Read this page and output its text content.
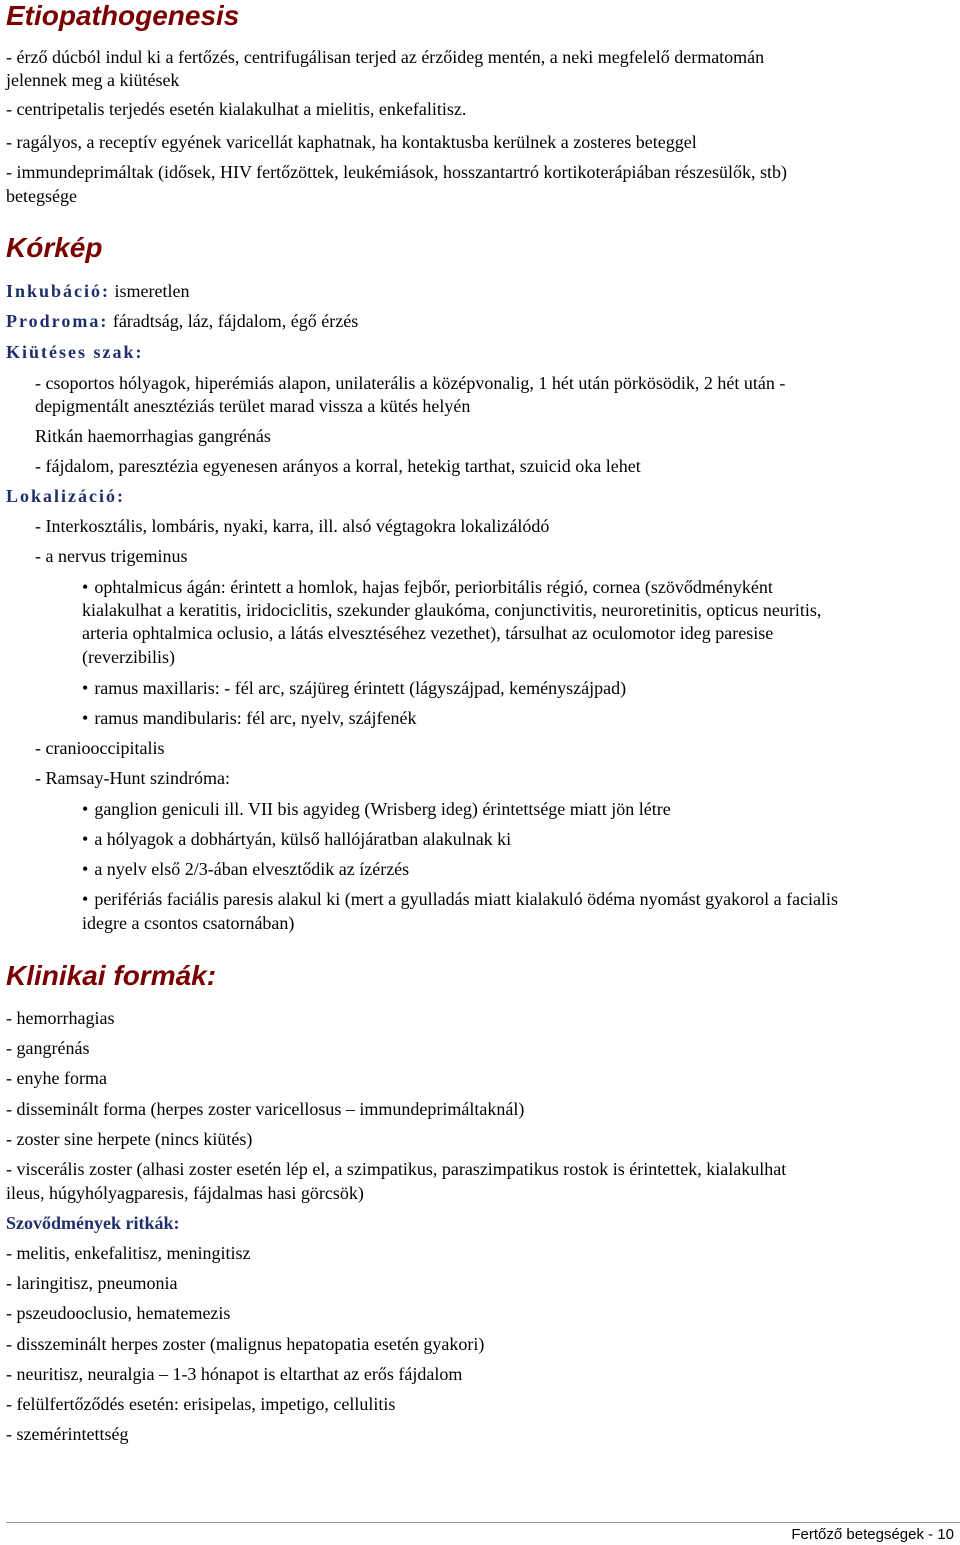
Etiopathogenesis

- érző dúcból indul ki a fertőzés, centrifugálisan terjed az érzőideg mentén, a neki megfelelő dermatomán

jelennek meg a kiütések

- centripetalis terjedés esetén kialakulhat a mielitis, enkefalitisz.

- ragályos, a receptív egyének varicellát kaphatnak, ha kontaktusba kerülnek a zosteres beteggel

- immundeprimáltak (idősek, HIV fertőzöttek, leukémiások, hosszantartró kortikoterápiában részesülők, stb)

betegsége

Kórkép

Inkubáció: ismeretlen

Prodroma: fáradtság, láz, fájdalom, égő érzés

Kiütéses szak:

- csoportos hólyagok, hiperémiás alapon, unilaterális a középvonalig, 1 hét után pörkösödik, 2 hét után -

depigmentált anesztéziás terület marad vissza a kütés helyén

Ritkán haemorrhagias gangrénás

- fájdalom, paresztézia egyenesen arányos a korral, hetekig tarthat, szuicid oka lehet

Lokalizáció:

- Interkosztális, lombáris, nyaki, karra, ill. alsó végtagokra lokalizálódó

- a nervus trigeminus

• ophtalmicus ágán: érintett a homlok, hajas fejbőr, periorbitális régió, cornea (szövődményként

kialakulhat a keratitis, iridociclitis, szekunder glaukóma, conjunctivitis, neuroretinitis, opticus neuritis,

arteria ophtalmica oclusio, a látás elvesztéséhez vezethet), társulhat az oculomotor ideg paresise

(reverzibilis)

• ramus maxillaris: - fél arc, szájüreg érintett (lágyszájpad, keményszájpad)

• ramus mandibularis: fél arc, nyelv, szájfenék

- craniooccipitalis

- Ramsay-Hunt szindróma:

• ganglion geniculi ill. VII bis agyideg (Wrisberg ideg) érintettsége miatt jön létre

• a hólyagok a dobhártyán, külső hallójáratban alakulnak ki

• a nyelv első 2/3-ában elvesztődik az ízérzés

• perifériás faciális paresis alakul ki (mert a gyulladás miatt kialakuló ödéma nyomást gyakorol a facialis

idegre a csontos csatornában)

Klinikai formák:

- hemorrhagias

- gangrénás

- enyhe forma

- disseminált forma (herpes zoster varicellosus – immundeprimáltaknál)

- zoster sine herpete (nincs kiütés)

- viscerális zoster (alhasi zoster esetén lép el, a szimpatikus, paraszimpatikus rostok is érintettek, kialakulhat

ileus, húgyhólyagparesis, fájdalmas hasi görcsök)

Szovődmények ritkák:

- melitis, enkefalitisz, meningitisz

- laringitisz, pneumonia

- pszeudooclusio, hematemezis

- disszeminált herpes zoster (malignus hepatopatia esetén gyakori)

- neuritisz, neuralgia – 1-3 hónapot is eltarthat az erős fájdalom

- felülfertőződés esetén: erisipelas, impetigo, cellulitis

- szemérintettség

Fertőző betegségek - 10
